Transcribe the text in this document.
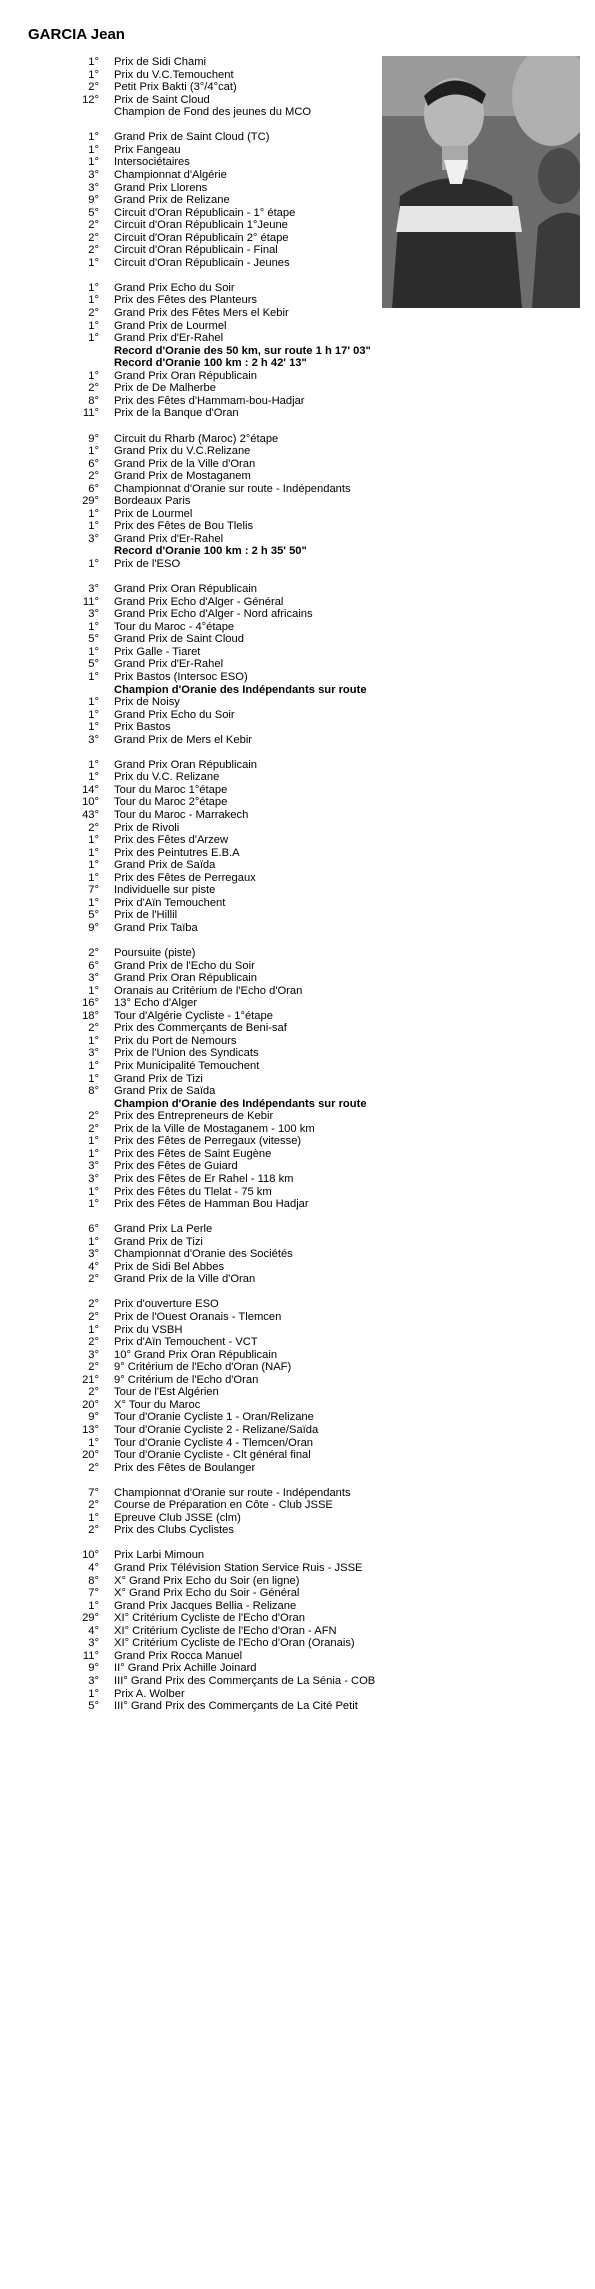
GARCIA Jean
1° Prix de Sidi Chami
1° Prix du V.C.Temouchent
2° Petit Prix Bakti (3°/4°cat)
12° Prix de Saint Cloud
Champion de Fond des jeunes du MCO
1° Grand Prix de Saint Cloud (TC)
1° Prix Fangeau
1° Intersociétaires
3° Championnat d'Algérie
3° Grand Prix Llorens
9° Grand Prix de Relizane
5° Circuit d'Oran Républicain - 1° étape
2° Circuit d'Oran Républicain 1°Jeune
2° Circuit d'Oran Républicain 2° étape
2° Circuit d'Oran Républicain - Final
1° Circuit d'Oran Républicain - Jeunes
1° Grand Prix Echo du Soir
1° Prix des Fêtes des Planteurs
2° Grand Prix des Fêtes Mers el Kebir
1° Grand Prix de Lourmel
1° Grand Prix d'Er-Rahel
Record d'Oranie des 50 km, sur route 1 h 17' 03"
Record d'Oranie 100 km : 2 h 42' 13"
1° Grand Prix Oran Républicain
2° Prix de De Malherbe
8° Prix des Fêtes d'Hammam-bou-Hadjar
11° Prix de la Banque d'Oran
9° Circuit du Rharb (Maroc) 2°étape
1° Grand Prix du V.C.Relizane
6° Grand Prix de la Ville d'Oran
2° Grand Prix de Mostaganem
6° Championnat d'Oranie sur route - Indépendants
29° Bordeaux Paris
1° Prix de Lourmel
1° Prix des Fêtes de Bou Tlelis
3° Grand Prix d'Er-Rahel
Record d'Oranie 100 km : 2 h 35' 50"
1° Prix de l'ESO
3° Grand Prix Oran Républicain
11° Grand Prix Echo d'Alger - Général
3° Grand Prix Echo d'Alger - Nord africains
1° Tour du Maroc - 4°étape
5° Grand Prix de Saint Cloud
1° Prix Galle - Tiaret
5° Grand Prix d'Er-Rahel
1° Prix Bastos (Intersoc ESO)
Champion d'Oranie des Indépendants sur route
1° Prix de Noisy
1° Grand Prix Echo du Soir
1° Prix Bastos
3° Grand Prix de Mers el Kebir
1° Grand Prix Oran Républicain
1° Prix du V.C. Relizane
14° Tour du Maroc 1°étape
10° Tour du Maroc 2°étape
43° Tour du Maroc - Marrakech
2° Prix de Rivoli
1° Prix des Fêtes d'Arzew
1° Prix des Peintutres E.B.A
1° Grand Prix de Saïda
1° Prix des Fêtes de Perregaux
7° Individuelle sur piste
1° Prix d'Aïn Temouchent
5° Prix de l'Hillil
9° Grand Prix Taïba
2° Poursuite (piste)
6° Grand Prix de l'Echo du Soir
3° Grand Prix Oran Républicain
1° Oranais au Critérium de l'Echo d'Oran
16° 13° Echo d'Alger
18° Tour d'Algérie Cycliste - 1°étape
2° Prix des Commerçants de Beni-saf
1° Prix du Port de Nemours
3° Prix de l'Union des Syndicats
1° Prix Municipalité Temouchent
1° Grand Prix de Tizi
8° Grand Prix de Saïda
Champion d'Oranie des Indépendants sur route
2° Prix des Entrepreneurs de Kebir
2° Prix de la Ville de Mostaganem - 100 km
1° Prix des Fêtes de Perregaux (vitesse)
1° Prix des Fêtes de Saint Eugène
3° Prix des Fêtes de Guiard
3° Prix des Fêtes de Er Rahel - 118 km
1° Prix des Fêtes du Tlelat - 75 km
1° Prix des Fêtes de Hamman Bou Hadjar
6° Grand Prix La Perle
1° Grand Prix de Tizi
3° Championnat d'Oranie des Sociétés
4° Prix de Sidi Bel Abbes
2° Grand Prix de la Ville d'Oran
2° Prix d'ouverture ESO
2° Prix de l'Ouest Oranais - Tlemcen
1° Prix du VSBH
2° Prix d'Aïn Temouchent - VCT
3° 10° Grand Prix Oran Républicain
2° 9° Critérium de l'Echo d'Oran (NAF)
21° 9° Critérium de l'Echo d'Oran
2° Tour de l'Est Algérien
20° X° Tour du Maroc
9° Tour d'Oranie Cycliste 1 - Oran/Relizane
13° Tour d'Oranie Cycliste 2 - Relizane/Saïda
1° Tour d'Oranie Cycliste 4 - Tlemcen/Oran
20° Tour d'Oranie Cycliste - Clt général final
2° Prix des Fêtes de Boulanger
7° Championnat d'Oranie sur route - Indépendants
2° Course de Préparation en Côte - Club JSSE
1° Epreuve Club JSSE (clm)
2° Prix des Clubs Cyclistes
10° Prix Larbi Mimoun
4° Grand Prix Télévision Station Service Ruis - JSSE
8° X° Grand Prix Echo du Soir (en ligne)
7° X° Grand Prix Echo du Soir - Général
1° Grand Prix Jacques Bellia - Relizane
29° XI° Critérium Cycliste de l'Echo d'Oran
4° XI° Critérium Cycliste de l'Echo d'Oran - AFN
3° XI° Critérium Cycliste de l'Echo d'Oran (Oranais)
11° Grand Prix Rocca Manuel
9° II° Grand Prix Achille Joinard
3° III° Grand Prix des Commerçants de La Sénia - COB
1° Prix A. Wolber
5° III° Grand Prix des Commerçants de La Cité Petit
